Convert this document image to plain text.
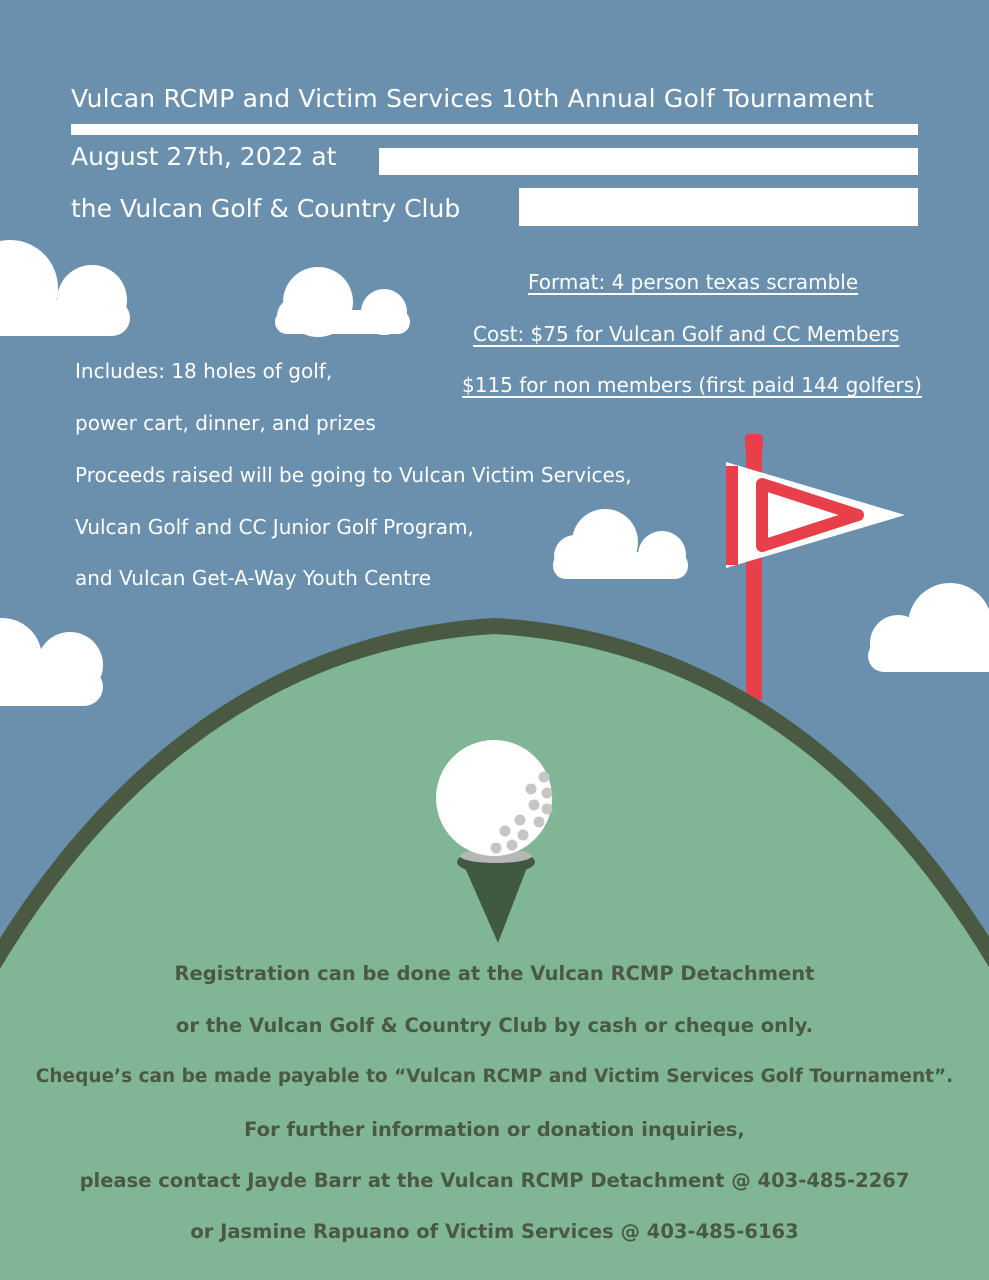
Vulcan RCMP and Victim Services 10th Annual Golf Tournament
August 27th, 2022 at
the Vulcan Golf & Country Club
Format: 4 person texas scramble
Cost: $75 for Vulcan Golf and CC Members
$115 for non members (first paid 144 golfers)
Includes: 18 holes of golf,
power cart, dinner, and prizes
Proceeds raised will be going to Vulcan Victim Services,
Vulcan Golf and CC Junior Golf Program,
and Vulcan Get-A-Way Youth Centre
Registration can be done at the Vulcan RCMP Detachment
or the Vulcan Golf & Country Club by cash or cheque only.
Cheque’s can be made payable to “Vulcan RCMP and Victim Services Golf Tournament”.
For further information or donation inquiries,
please contact Jayde Barr at the Vulcan RCMP Detachment @ 403-485-2267
or Jasmine Rapuano of Victim Services @ 403-485-6163
